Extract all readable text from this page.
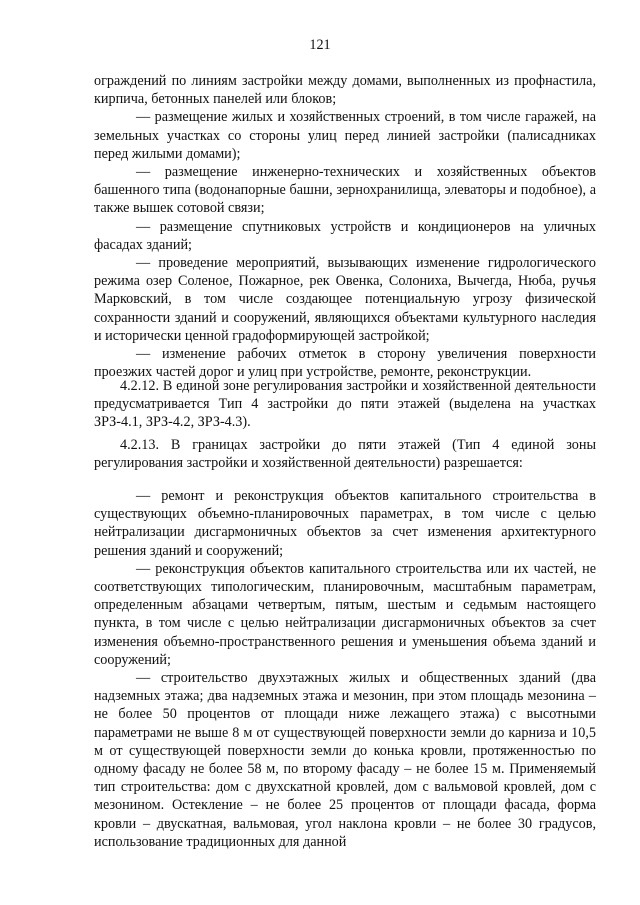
121

ограждений по линиям застройки между домами, выполненных из профнастила, кирпича, бетонных панелей или блоков;

— размещение жилых и хозяйственных строений, в том числе гаражей, на земельных участках со стороны улиц перед линией застройки (палисадниках перед жилыми домами);

— размещение инженерно-технических и хозяйственных объектов башенного типа (водонапорные башни, зернохранилища, элеваторы и подобное), а также вышек сотовой связи;

— размещение спутниковых устройств и кондиционеров на уличных фасадах зданий;

— проведение мероприятий, вызывающих изменение гидрологического режима озер Соленое, Пожарное, рек Овенка, Солониха, Вычегда, Нюба, ручья Марковский, в том числе создающее потенциальную угрозу физической сохранности зданий и сооружений, являющихся объектами культурного наследия и исторически ценной градоформирующей застройкой;

— изменение рабочих отметок в сторону увеличения поверхности проезжих частей дорог и улиц при устройстве, ремонте, реконструкции.

4.2.12. В единой зоне регулирования застройки и хозяйственной деятельности предусматривается Тип 4 застройки до пяти этажей (выделена на участках ЗРЗ-4.1, ЗРЗ-4.2, ЗРЗ-4.3).

4.2.13. В границах застройки до пяти этажей (Тип 4 единой зоны регулирования застройки и хозяйственной деятельности) разрешается:

— ремонт и реконструкция объектов капитального строительства в существующих объемно-планировочных параметрах, в том числе с целью нейтрализации дисгармоничных объектов за счет изменения архитектурного решения зданий и сооружений;

— реконструкция объектов капитального строительства или их частей, не соответствующих типологическим, планировочным, масштабным параметрам, определенным абзацами четвертым, пятым, шестым и седьмым настоящего пункта, в том числе с целью нейтрализации дисгармоничных объектов за счет изменения объемно-пространственного решения и уменьшения объема зданий и сооружений;

— строительство двухэтажных жилых и общественных зданий (два надземных этажа; два надземных этажа и мезонин, при этом площадь мезонина – не более 50 процентов от площади ниже лежащего этажа) с высотными параметрами не выше 8 м от существующей поверхности земли до карниза и 10,5 м от существующей поверхности земли до конька кровли, протяженностью по одному фасаду не более 58 м, по второму фасаду – не более 15 м. Применяемый тип строительства: дом с двухскатной кровлей, дом с вальмовой кровлей, дом с мезонином. Остекление – не более 25 процентов от площади фасада, форма кровли – двускатная, вальмовая, угол наклона кровли – не более 30 градусов, использование традиционных для данной
